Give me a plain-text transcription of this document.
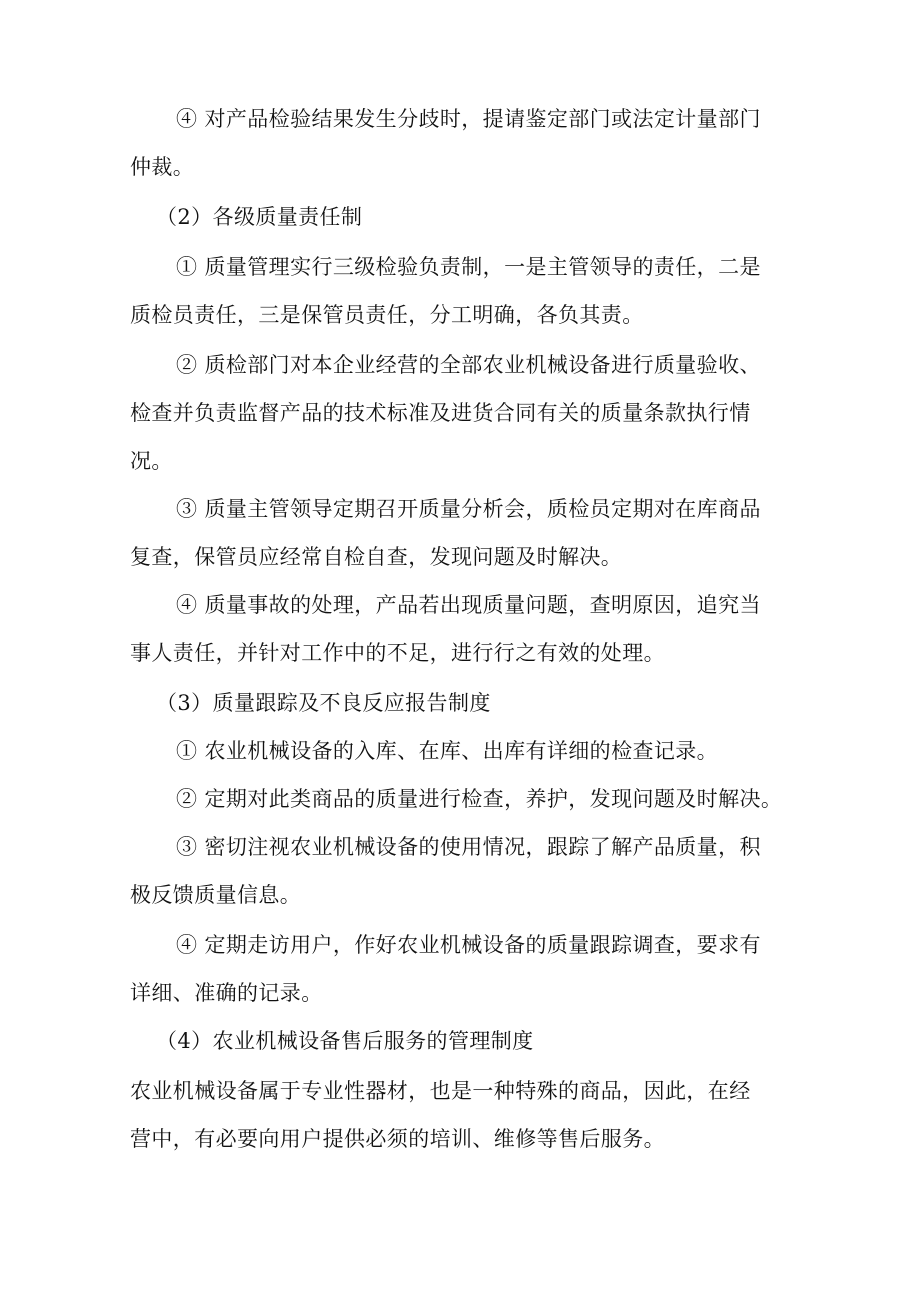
④ 对产品检验结果发生分歧时，提请鉴定部门或法定计量部门
仲裁。
（2）各级质量责任制
① 质量管理实行三级检验负责制，一是主管领导的责任，二是
质检员责任，三是保管员责任，分工明确，各负其责。
② 质检部门对本企业经营的全部农业机械设备进行质量验收、
检查并负责监督产品的技术标准及进货合同有关的质量条款执行情
况。
③ 质量主管领导定期召开质量分析会，质检员定期对在库商品
复查，保管员应经常自检自查，发现问题及时解决。
④ 质量事故的处理，产品若出现质量问题，查明原因，追究当
事人责任，并针对工作中的不足，进行行之有效的处理。
（3）质量跟踪及不良反应报告制度
① 农业机械设备的入库、在库、出库有详细的检查记录。
② 定期对此类商品的质量进行检查，养护，发现问题及时解决。
③ 密切注视农业机械设备的使用情况，跟踪了解产品质量，积
极反馈质量信息。
④ 定期走访用户，作好农业机械设备的质量跟踪调查，要求有
详细、准确的记录。
（4）农业机械设备售后服务的管理制度
农业机械设备属于专业性器材，也是一种特殊的商品，因此，在经
营中，有必要向用户提供必须的培训、维修等售后服务。
